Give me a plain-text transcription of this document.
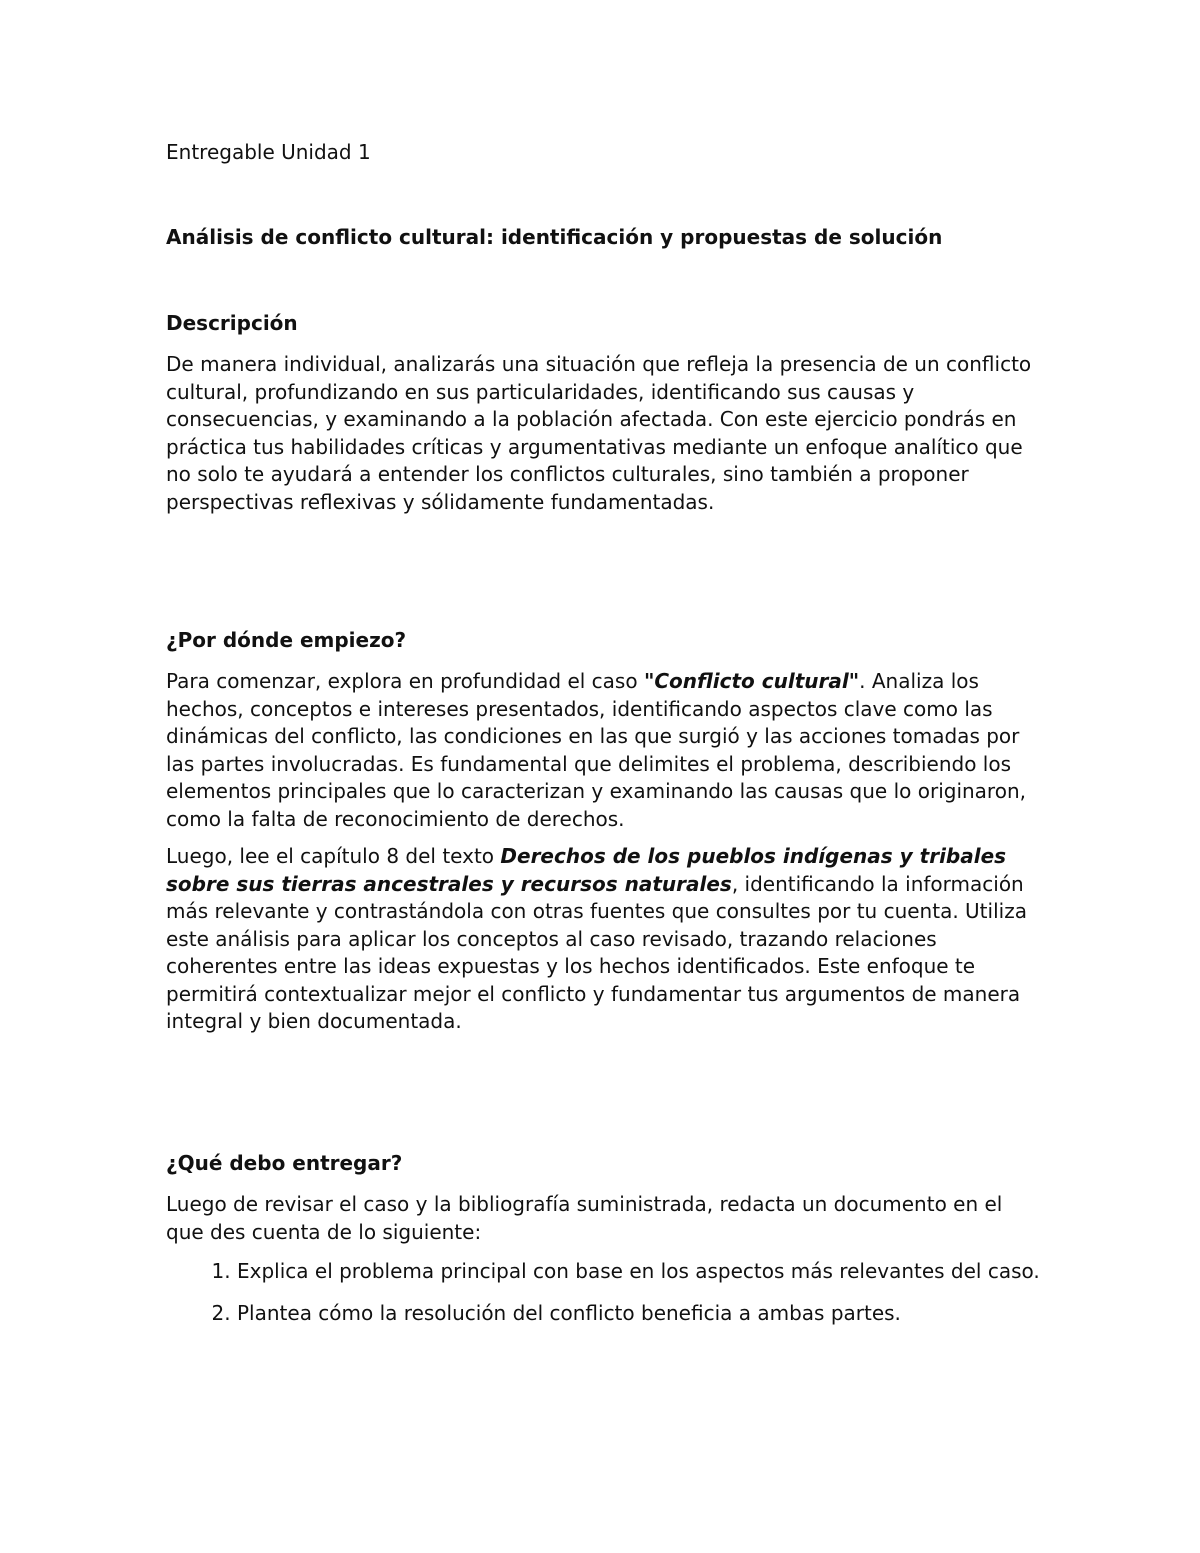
Entregable Unidad 1

Análisis de conflicto cultural: identificación y propuestas de solución
Descripción

De manera individual, analizarás una situación que refleja la presencia de un conflicto cultural, profundizando en sus particularidades, identificando sus causas y consecuencias, y examinando a la población afectada. Con este ejercicio pondrás en práctica tus habilidades críticas y argumentativas mediante un enfoque analítico que no solo te ayudará a entender los conflictos culturales, sino también a proponer perspectivas reflexivas y sólidamente fundamentadas.

¿Por dónde empiezo?

Para comenzar, explora en profundidad el caso "Conflicto cultural". Analiza los hechos, conceptos e intereses presentados, identificando aspectos clave como las dinámicas del conflicto, las condiciones en las que surgió y las acciones tomadas por las partes involucradas. Es fundamental que delimites el problema, describiendo los elementos principales que lo caracterizan y examinando las causas que lo originaron, como la falta de reconocimiento de derechos.

Luego, lee el capítulo 8 del texto Derechos de los pueblos indígenas y tribales sobre sus tierras ancestrales y recursos naturales, identificando la información más relevante y contrastándola con otras fuentes que consultes por tu cuenta. Utiliza este análisis para aplicar los conceptos al caso revisado, trazando relaciones coherentes entre las ideas expuestas y los hechos identificados. Este enfoque te permitirá contextualizar mejor el conflicto y fundamentar tus argumentos de manera integral y bien documentada.

¿Qué debo entregar?

Luego de revisar el caso y la bibliografía suministrada, redacta un documento en el que des cuenta de lo siguiente:

1. Explica el problema principal con base en los aspectos más relevantes del caso.
2. Plantea cómo la resolución del conflicto beneficia a ambas partes.
